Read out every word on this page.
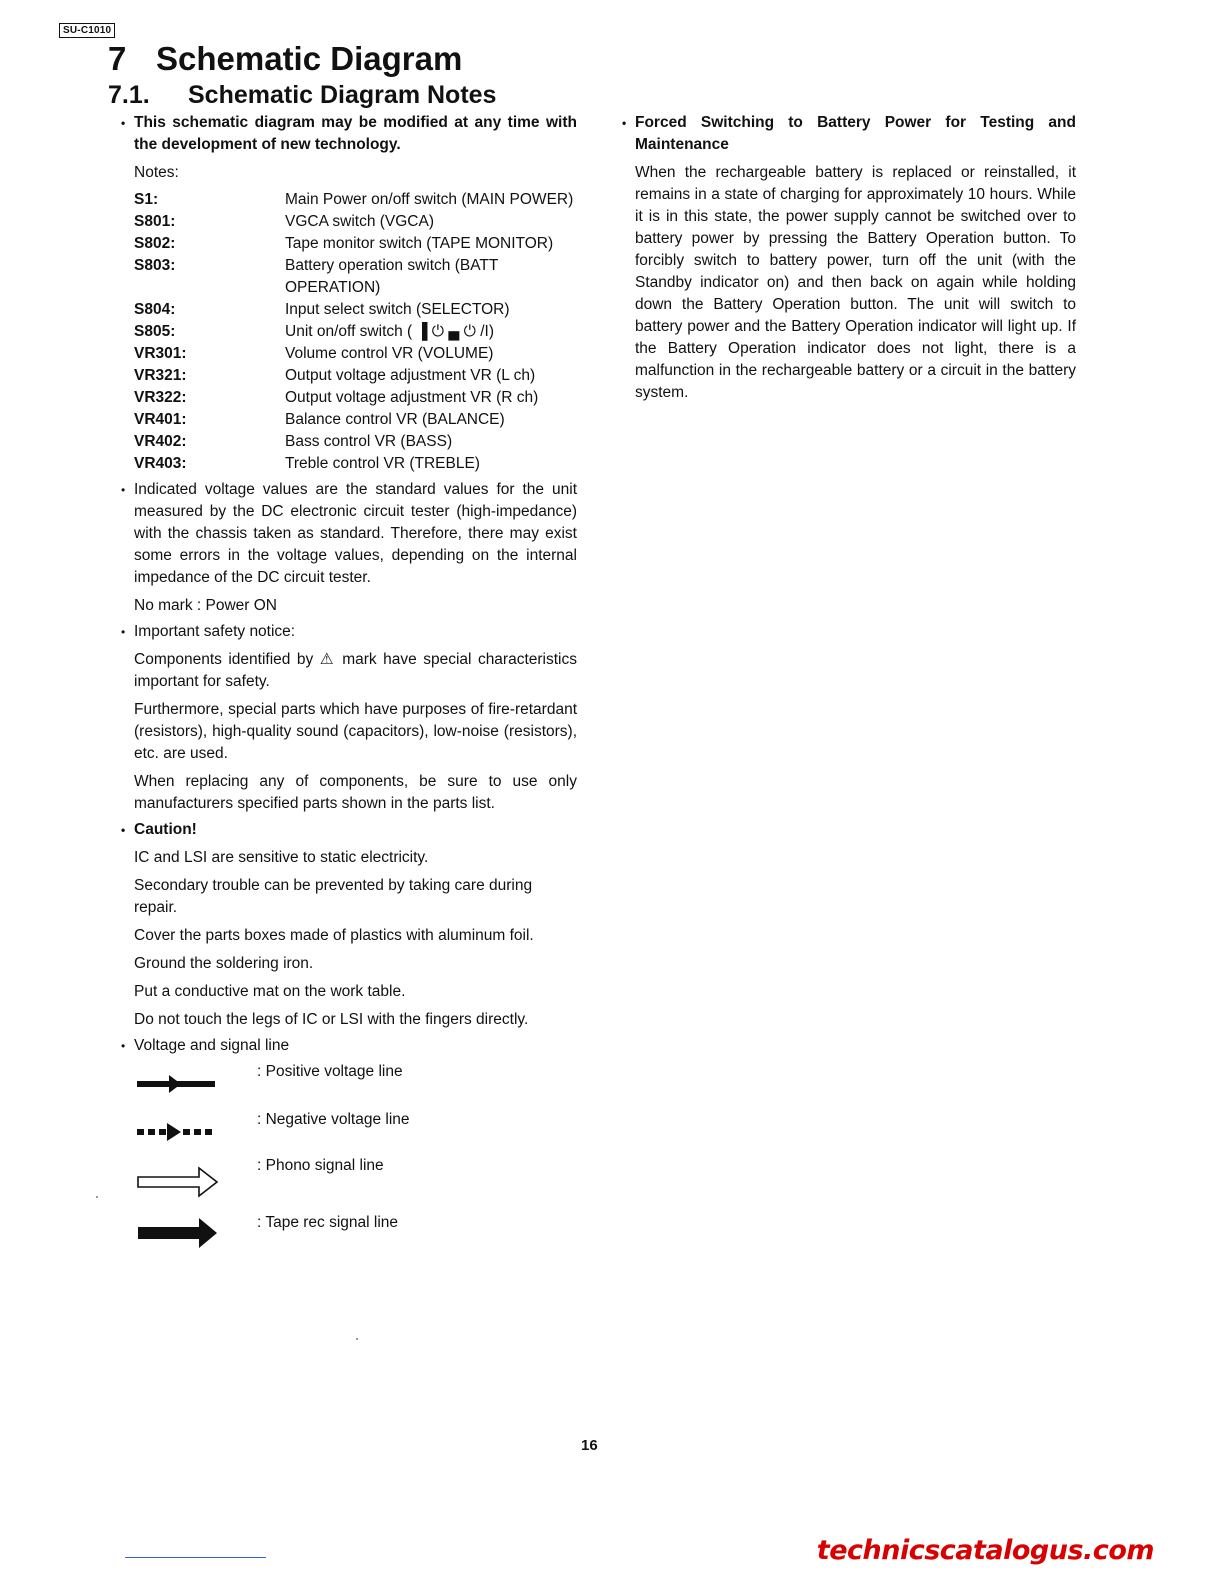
SU-C1010
7 Schematic Diagram
7.1. Schematic Diagram Notes
• This schematic diagram may be modified at any time with the development of new technology.
Notes:
S1:	Main Power on/off switch (MAIN POWER)
S801:	VGCA switch (VGCA)
S802:	Tape monitor switch (TAPE MONITOR)
S803:	Battery operation switch (BATT OPERATION)
S804:	Input select switch (SELECTOR)
S805:	Unit on/off switch ( ▐ ⏻ ▄ ⏻ /I)
VR301:	Volume control VR (VOLUME)
VR321:	Output voltage adjustment VR (L ch)
VR322:	Output voltage adjustment VR (R ch)
VR401:	Balance control VR (BALANCE)
VR402:	Bass control VR (BASS)
VR403:	Treble control VR (TREBLE)
• Indicated voltage values are the standard values for the unit measured by the DC electronic circuit tester (high-impedance) with the chassis taken as standard. Therefore, there may exist some errors in the voltage values, depending on the internal impedance of the DC circuit tester.
No mark : Power ON
• Important safety notice:
Components identified by ⚠ mark have special characteristics important for safety.
Furthermore, special parts which have purposes of fire-retardant (resistors), high-quality sound (capacitors), low-noise (resistors), etc. are used.
When replacing any of components, be sure to use only manufacturers specified parts shown in the parts list.
• Caution!
IC and LSI are sensitive to static electricity.
Secondary trouble can be prevented by taking care during repair.
Cover the parts boxes made of plastics with aluminum foil.
Ground the soldering iron.
Put a conductive mat on the work table.
Do not touch the legs of IC or LSI with the fingers directly.
• Voltage and signal line
: Positive voltage line
: Negative voltage line
: Phono signal line
: Tape rec signal line
• Forced Switching to Battery Power for Testing and Maintenance
When the rechargeable battery is replaced or reinstalled, it remains in a state of charging for approximately 10 hours. While it is in this state, the power supply cannot be switched over to battery power by pressing the Battery Operation button. To forcibly switch to battery power, turn off the unit (with the Standby indicator on) and then back on again while holding down the Battery Operation button. The unit will switch to battery power and the Battery Operation indicator will light up. If the Battery Operation indicator does not light, there is a malfunction in the rechargeable battery or a circuit in the battery system.
16
technicscatalogus.com
